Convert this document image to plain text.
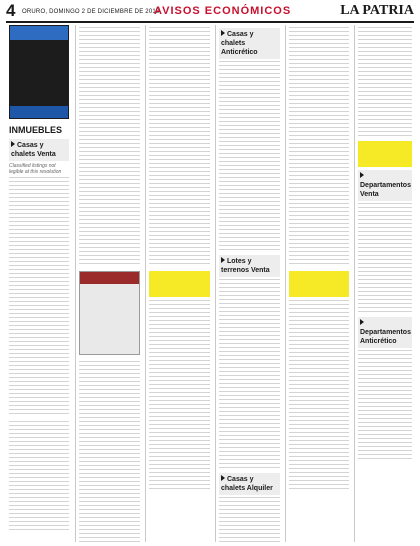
4 ORURO, DOMINGO 2 DE DICIEMBRE DE 2018
AVISOS ECONÓMICOS	LA PATRIA
INMUEBLES
Casas y chalets Venta
Classified listings not legible at this resolution
Casas y chalets Anticrético
Lotes y terrenos Venta
Casas y chalets Alquiler
Departamentos Venta
Departamentos Anticrético
